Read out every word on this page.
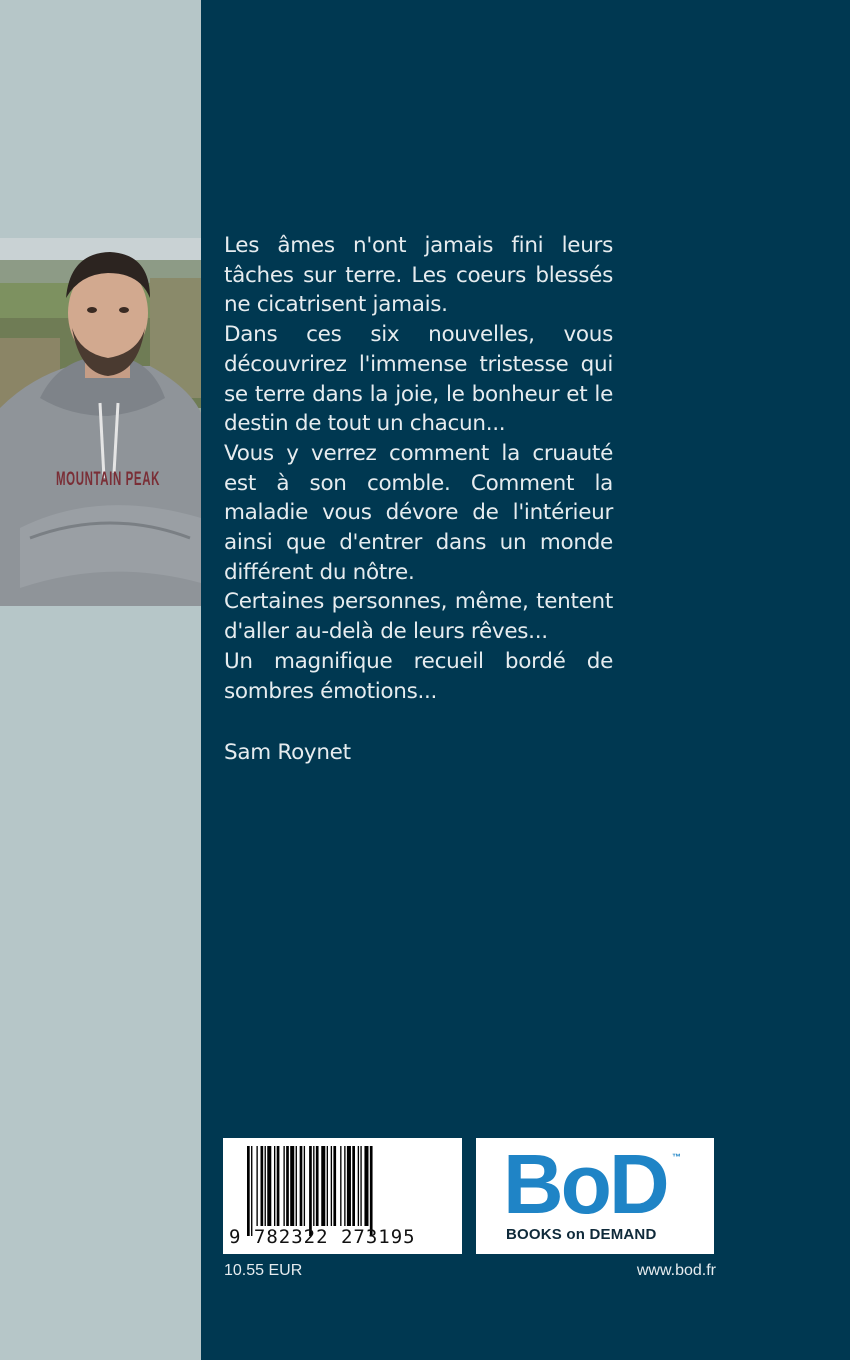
MOUNTAIN PEAK

Les âmes n'ont jamais fini leurs tâches sur terre. Les coeurs blessés ne cicatrisent jamais.

Dans ces six nouvelles, vous découvrirez l'immense tristesse qui se terre dans la joie, le bonheur et le destin de tout un chacun...

Vous y verrez comment la cruauté est à son comble. Comment la maladie vous dévore de l'intérieur ainsi que d'entrer dans un monde différent du nôtre.

Certaines personnes, même, tentent d'aller au-delà de leurs rêves...

Un magnifique recueil bordé de sombres émotions...

Sam Roynet
9 782322 273195
BoD ™
BOOKS on DEMAND
10.55 EUR	www.bod.fr
